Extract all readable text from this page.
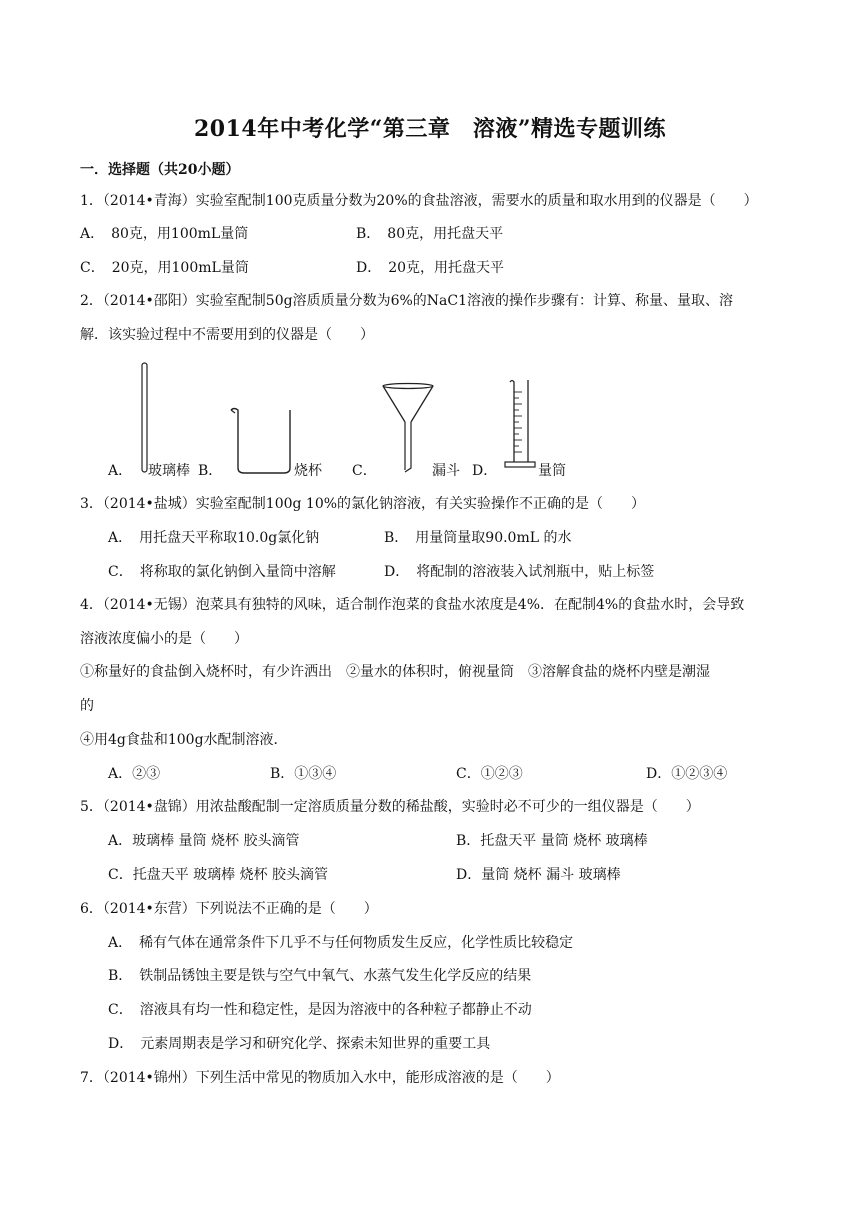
2014年中考化学“第三章　溶液”精选专题训练
一．选择题（共20小题）
1．（2014•青海）实验室配制100克质量分数为20%的食盐溶液，需要水的质量和取水用到的仪器是（　　）
A．　80克，用100mL量筒	B．　80克，用托盘天平
C．　20克，用100mL量筒	D．　20克，用托盘天平
2．（2014•邵阳）实验室配制50g溶质质量分数为6%的NaC1溶液的操作步骤有：计算、称量、量取、溶
解．该实验过程中不需要用到的仪器是（　　）
A． 玻璃棒 B．	烧杯 C．	漏斗 D．	量筒
3．（2014•盐城）实验室配制100g 10%的氯化钠溶液，有关实验操作不正确的是（　　）
A．　用托盘天平称取10.0g氯化钠	B．　用量筒量取90.0mL 的水
C．　将称取的氯化钠倒入量筒中溶解	D．　将配制的溶液装入试剂瓶中，贴上标签
4．（2014•无锡）泡菜具有独特的风味，适合制作泡菜的食盐水浓度是4%．在配制4%的食盐水时，会导致
溶液浓度偏小的是（　　）
①称量好的食盐倒入烧杯时，有少许洒出　②量水的体积时，俯视量筒　③溶解食盐的烧杯内壁是潮湿
的
④用4g食盐和100g水配制溶液．
A．②③	B．①③④	C．①②③	D．①②③④
5．（2014•盘锦）用浓盐酸配制一定溶质质量分数的稀盐酸，实验时必不可少的一组仪器是（　　）
A．玻璃棒 量筒 烧杯 胶头滴管	B．托盘天平 量筒 烧杯 玻璃棒
C．托盘天平 玻璃棒 烧杯 胶头滴管	D．量筒 烧杯 漏斗 玻璃棒
6．（2014•东营）下列说法不正确的是（　　）
A．　稀有气体在通常条件下几乎不与任何物质发生反应，化学性质比较稳定
B．　铁制品锈蚀主要是铁与空气中氧气、水蒸气发生化学反应的结果
C．　溶液具有均一性和稳定性，是因为溶液中的各种粒子都静止不动
D．　元素周期表是学习和研究化学、探索未知世界的重要工具
7．（2014•锦州）下列生活中常见的物质加入水中，能形成溶液的是（　　）
